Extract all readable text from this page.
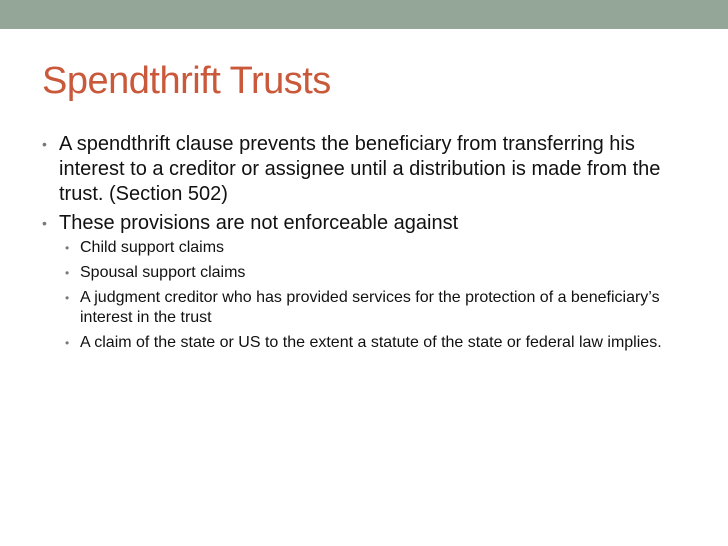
Spendthrift Trusts
• A spendthrift clause prevents the beneficiary from transferring his interest to a creditor or assignee until a distribution is made from the trust. (Section 502)
• These provisions are not enforceable against
• Child support claims
• Spousal support claims
• A judgment creditor who has provided services for the protection of a beneficiary’s interest in the trust
• A claim of the state or US to the extent a statute of the state or federal law implies.
